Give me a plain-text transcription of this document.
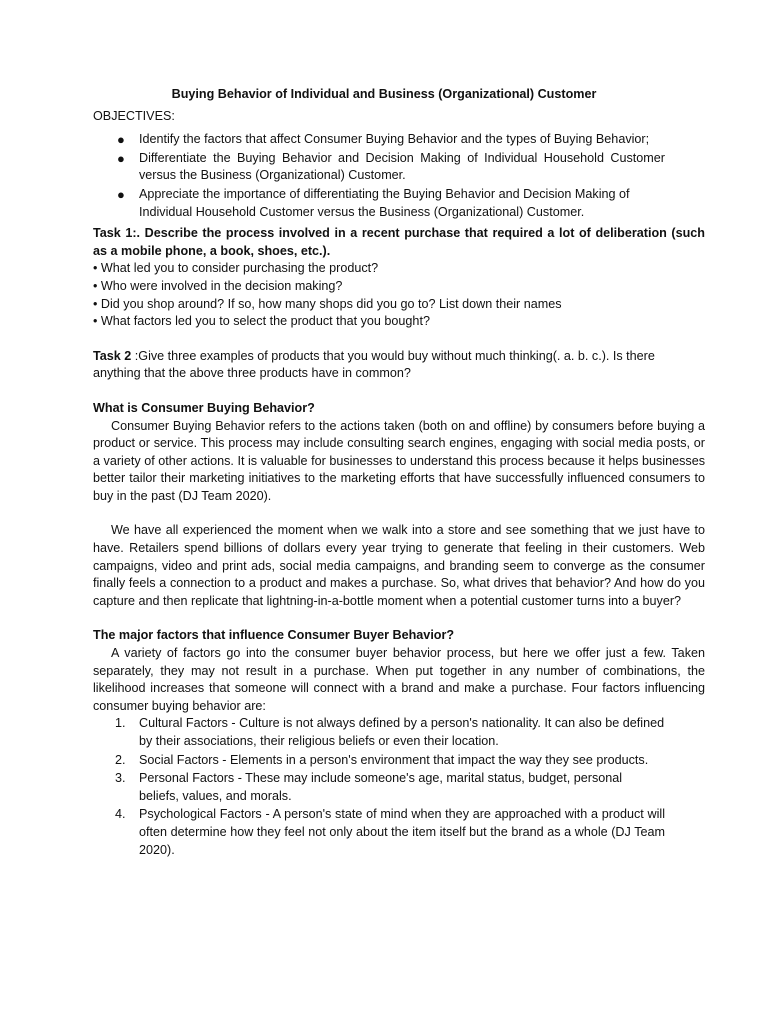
Buying Behavior of Individual and Business (Organizational) Customer

OBJECTIVES:

● Identify the factors that affect Consumer Buying Behavior and the types of Buying Behavior;
● Differentiate the Buying Behavior and Decision Making of Individual Household Customer versus the Business (Organizational) Customer.
● Appreciate the importance of differentiating the Buying Behavior and Decision Making of Individual Household Customer versus the Business (Organizational) Customer.

Task 1:. Describe the process involved in a recent purchase that required a lot of deliberation (such as a mobile phone, a book, shoes, etc.).

• What led you to consider purchasing the product?
• Who were involved in the decision making?
• Did you shop around? If so, how many shops did you go to? List down their names
• What factors led you to select the product that you bought?

Task 2 :Give three examples of products that you would buy without much thinking(. a. b. c.). Is there anything that the above three products have in common?

What is Consumer Buying Behavior?

Consumer Buying Behavior refers to the actions taken (both on and offline) by consumers before buying a product or service. This process may include consulting search engines, engaging with social media posts, or a variety of other actions. It is valuable for businesses to understand this process because it helps businesses better tailor their marketing initiatives to the marketing efforts that have successfully influenced consumers to buy in the past (DJ Team 2020).

We have all experienced the moment when we walk into a store and see something that we just have to have. Retailers spend billions of dollars every year trying to generate that feeling in their customers. Web campaigns, video and print ads, social media campaigns, and branding seem to converge as the consumer finally feels a connection to a product and makes a purchase. So, what drives that behavior? And how do you capture and then replicate that lightning-in-a-bottle moment when a potential customer turns into a buyer?

The major factors that influence Consumer Buyer Behavior?

A variety of factors go into the consumer buyer behavior process, but here we offer just a few. Taken separately, they may not result in a purchase. When put together in any number of combinations, the likelihood increases that someone will connect with a brand and make a purchase. Four factors influencing consumer buying behavior are:

1. Cultural Factors - Culture is not always defined by a person's nationality. It can also be defined by their associations, their religious beliefs or even their location.
2. Social Factors - Elements in a person's environment that impact the way they see products.
3. Personal Factors - These may include someone's age, marital status, budget, personal beliefs, values, and morals.
4. Psychological Factors - A person's state of mind when they are approached with a product will often determine how they feel not only about the item itself but the brand as a whole (DJ Team 2020).
